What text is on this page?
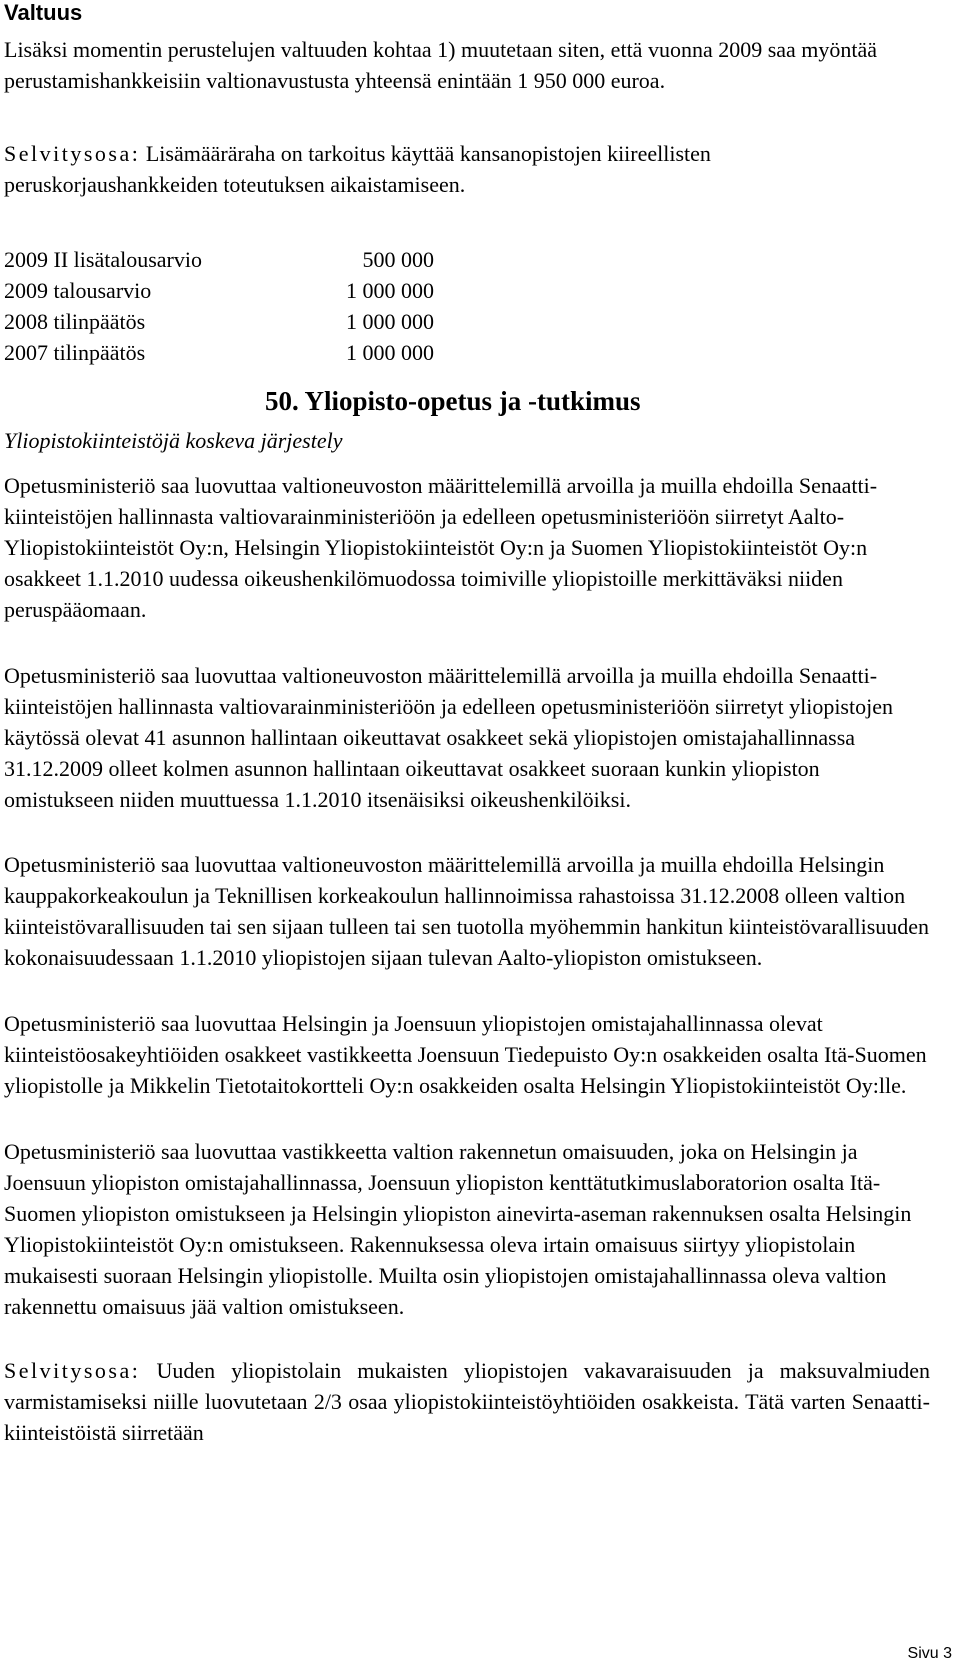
Valtuus
Lisäksi momentin perustelujen valtuuden kohtaa 1) muutetaan siten, että vuonna 2009 saa myöntää perustamishankkeisiin valtionavustusta yhteensä enintään 1 950 000 euroa.
Selvitysosa: Lisämääräraha on tarkoitus käyttää kansanopistojen kiireellisten peruskorjaushankkeiden toteutuksen aikaistamiseen.
2009 II lisätalousarvio	500 000
2009 talousarvio	1 000 000
2008 tilinpäätös	1 000 000
2007 tilinpäätös	1 000 000
50. Yliopisto-opetus ja -tutkimus
Yliopistokiinteistöjä koskeva järjestely
Opetusministeriö saa luovuttaa valtioneuvoston määrittelemillä arvoilla ja muilla ehdoilla Senaatti-kiinteistöjen hallinnasta valtiovarainministeriöön ja edelleen opetusministeriöön siirretyt Aalto-Yliopistokiinteistöt Oy:n, Helsingin Yliopistokiinteistöt Oy:n ja Suomen Yliopistokiinteistöt Oy:n osakkeet 1.1.2010 uudessa oikeushenkilömuodossa toimiville yliopistoille merkittäväksi niiden peruspääomaan.
Opetusministeriö saa luovuttaa valtioneuvoston määrittelemillä arvoilla ja muilla ehdoilla Senaatti-kiinteistöjen hallinnasta valtiovarainministeriöön ja edelleen opetusministeriöön siirretyt yliopistojen käytössä olevat 41 asunnon hallintaan oikeuttavat osakkeet sekä yliopistojen omistajahallinnassa 31.12.2009 olleet kolmen asunnon hallintaan oikeuttavat osakkeet suoraan kunkin yliopiston omistukseen niiden muuttuessa 1.1.2010 itsenäisiksi oikeushenkilöiksi.
Opetusministeriö saa luovuttaa valtioneuvoston määrittelemillä arvoilla ja muilla ehdoilla Helsingin kauppakorkeakoulun ja Teknillisen korkeakoulun hallinnoimissa rahastoissa 31.12.2008 olleen valtion kiinteistövarallisuuden tai sen sijaan tulleen tai sen tuotolla myöhemmin hankitun kiinteistövarallisuuden kokonaisuudessaan 1.1.2010 yliopistojen sijaan tulevan Aalto-yliopiston omistukseen.
Opetusministeriö saa luovuttaa Helsingin ja Joensuun yliopistojen omistajahallinnassa olevat kiinteistöosakeyhtiöiden osakkeet vastikkeetta Joensuun Tiedepuisto Oy:n osakkeiden osalta Itä-Suomen yliopistolle ja Mikkelin Tietotaitokortteli Oy:n osakkeiden osalta Helsingin Yliopistokiinteistöt Oy:lle.
Opetusministeriö saa luovuttaa vastikkeetta valtion rakennetun omaisuuden, joka on Helsingin ja Joensuun yliopiston omistajahallinnassa, Joensuun yliopiston kenttätutkimuslaboratorion osalta Itä-Suomen yliopiston omistukseen ja Helsingin yliopiston ainevirta-aseman rakennuksen osalta Helsingin Yliopistokiinteistöt Oy:n omistukseen. Rakennuksessa oleva irtain omaisuus siirtyy yliopistolain mukaisesti suoraan Helsingin yliopistolle. Muilta osin yliopistojen omistajahallinnassa oleva valtion rakennettu omaisuus jää valtion omistukseen.
Selvitysosa: Uuden yliopistolain mukaisten yliopistojen vakavaraisuuden ja maksuvalmiuden varmistamiseksi niille luovutetaan 2/3 osaa yliopistokiinteistöyhtiöiden osakkeista. Tätä varten Senaatti-kiinteistöistä siirretään
Sivu 3
